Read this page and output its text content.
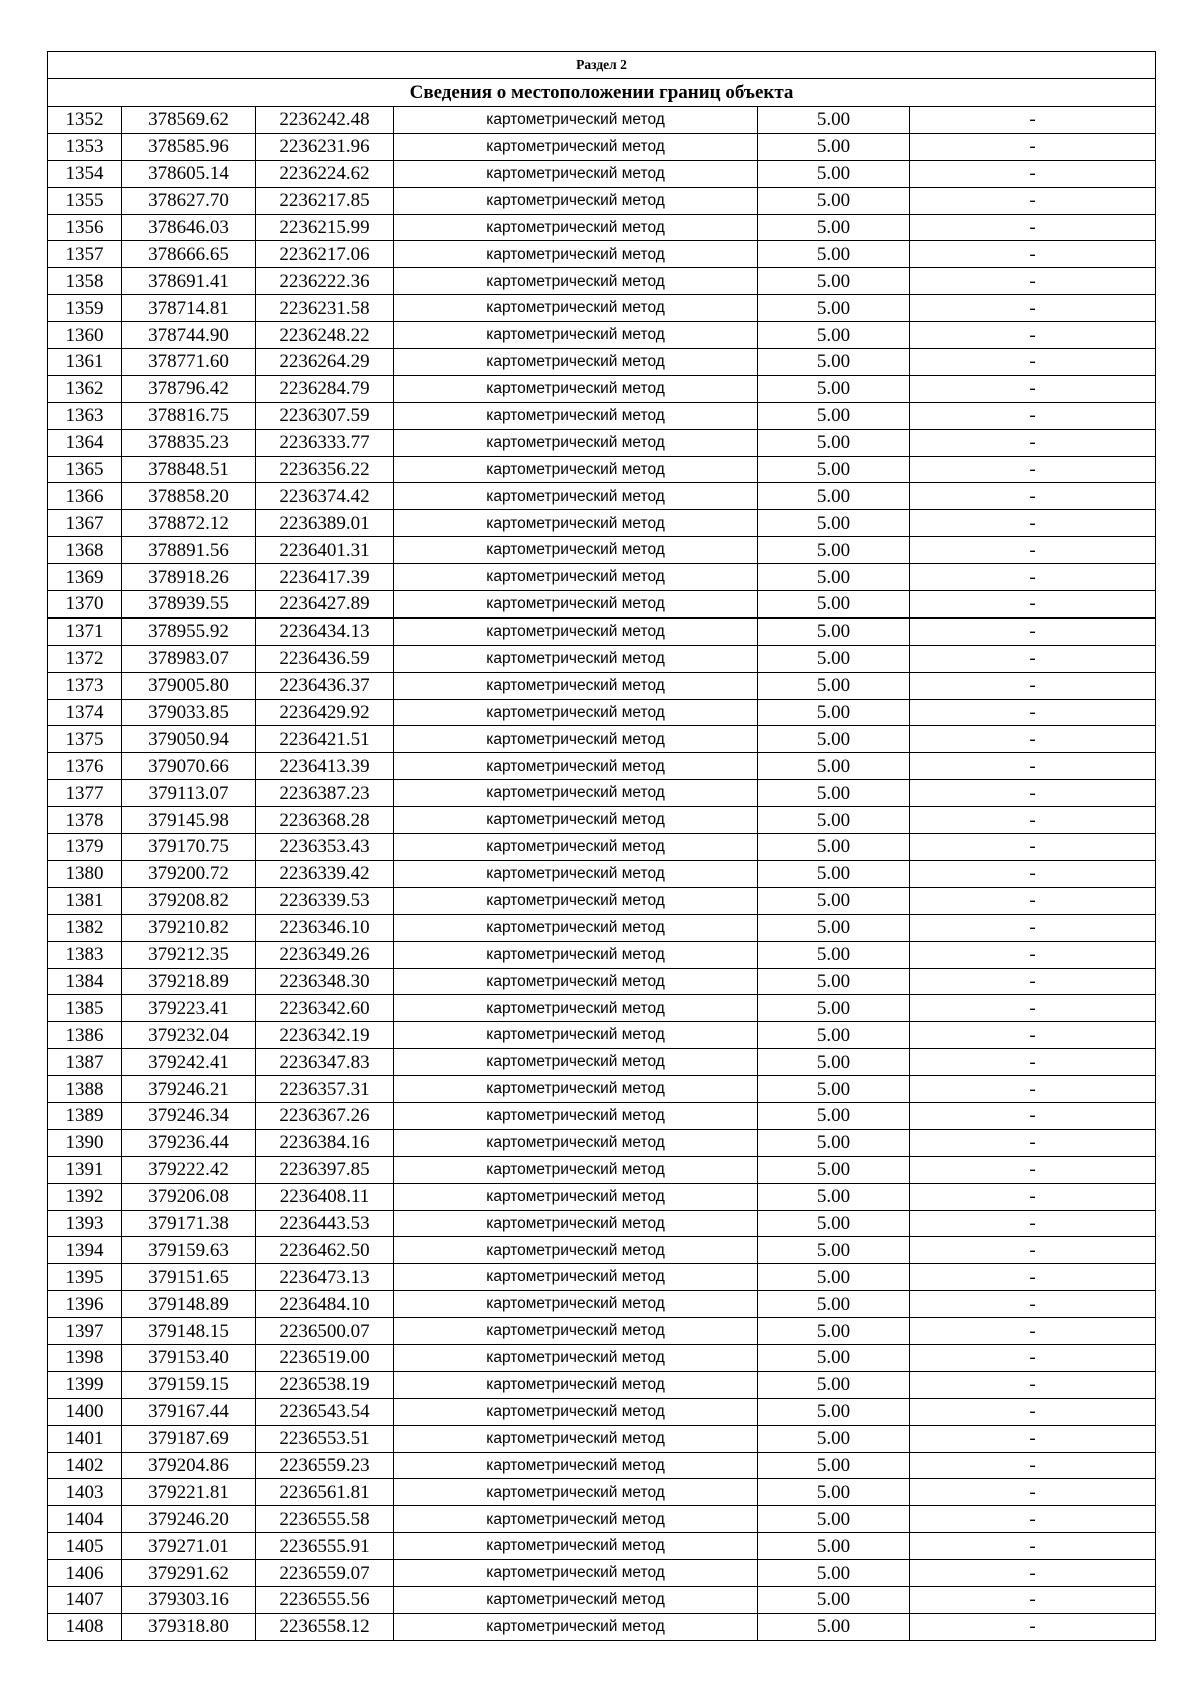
Раздел 2					
Сведения о местоположении границ объекта					
1352	378569.62	2236242.48	картометрический метод	5.00	-
1353	378585.96	2236231.96	картометрический метод	5.00	-
1354	378605.14	2236224.62	картометрический метод	5.00	-
1355	378627.70	2236217.85	картометрический метод	5.00	-
1356	378646.03	2236215.99	картометрический метод	5.00	-
1357	378666.65	2236217.06	картометрический метод	5.00	-
1358	378691.41	2236222.36	картометрический метод	5.00	-
1359	378714.81	2236231.58	картометрический метод	5.00	-
1360	378744.90	2236248.22	картометрический метод	5.00	-
1361	378771.60	2236264.29	картометрический метод	5.00	-
1362	378796.42	2236284.79	картометрический метод	5.00	-
1363	378816.75	2236307.59	картометрический метод	5.00	-
1364	378835.23	2236333.77	картометрический метод	5.00	-
1365	378848.51	2236356.22	картометрический метод	5.00	-
1366	378858.20	2236374.42	картометрический метод	5.00	-
1367	378872.12	2236389.01	картометрический метод	5.00	-
1368	378891.56	2236401.31	картометрический метод	5.00	-
1369	378918.26	2236417.39	картометрический метод	5.00	-
1370	378939.55	2236427.89	картометрический метод	5.00	-
1371	378955.92	2236434.13	картометрический метод	5.00	-
1372	378983.07	2236436.59	картометрический метод	5.00	-
1373	379005.80	2236436.37	картометрический метод	5.00	-
1374	379033.85	2236429.92	картометрический метод	5.00	-
1375	379050.94	2236421.51	картометрический метод	5.00	-
1376	379070.66	2236413.39	картометрический метод	5.00	-
1377	379113.07	2236387.23	картометрический метод	5.00	-
1378	379145.98	2236368.28	картометрический метод	5.00	-
1379	379170.75	2236353.43	картометрический метод	5.00	-
1380	379200.72	2236339.42	картометрический метод	5.00	-
1381	379208.82	2236339.53	картометрический метод	5.00	-
1382	379210.82	2236346.10	картометрический метод	5.00	-
1383	379212.35	2236349.26	картометрический метод	5.00	-
1384	379218.89	2236348.30	картометрический метод	5.00	-
1385	379223.41	2236342.60	картометрический метод	5.00	-
1386	379232.04	2236342.19	картометрический метод	5.00	-
1387	379242.41	2236347.83	картометрический метод	5.00	-
1388	379246.21	2236357.31	картометрический метод	5.00	-
1389	379246.34	2236367.26	картометрический метод	5.00	-
1390	379236.44	2236384.16	картометрический метод	5.00	-
1391	379222.42	2236397.85	картометрический метод	5.00	-
1392	379206.08	2236408.11	картометрический метод	5.00	-
1393	379171.38	2236443.53	картометрический метод	5.00	-
1394	379159.63	2236462.50	картометрический метод	5.00	-
1395	379151.65	2236473.13	картометрический метод	5.00	-
1396	379148.89	2236484.10	картометрический метод	5.00	-
1397	379148.15	2236500.07	картометрический метод	5.00	-
1398	379153.40	2236519.00	картометрический метод	5.00	-
1399	379159.15	2236538.19	картометрический метод	5.00	-
1400	379167.44	2236543.54	картометрический метод	5.00	-
1401	379187.69	2236553.51	картометрический метод	5.00	-
1402	379204.86	2236559.23	картометрический метод	5.00	-
1403	379221.81	2236561.81	картометрический метод	5.00	-
1404	379246.20	2236555.58	картометрический метод	5.00	-
1405	379271.01	2236555.91	картометрический метод	5.00	-
1406	379291.62	2236559.07	картометрический метод	5.00	-
1407	379303.16	2236555.56	картометрический метод	5.00	-
1408	379318.80	2236558.12	картометрический метод	5.00	-
